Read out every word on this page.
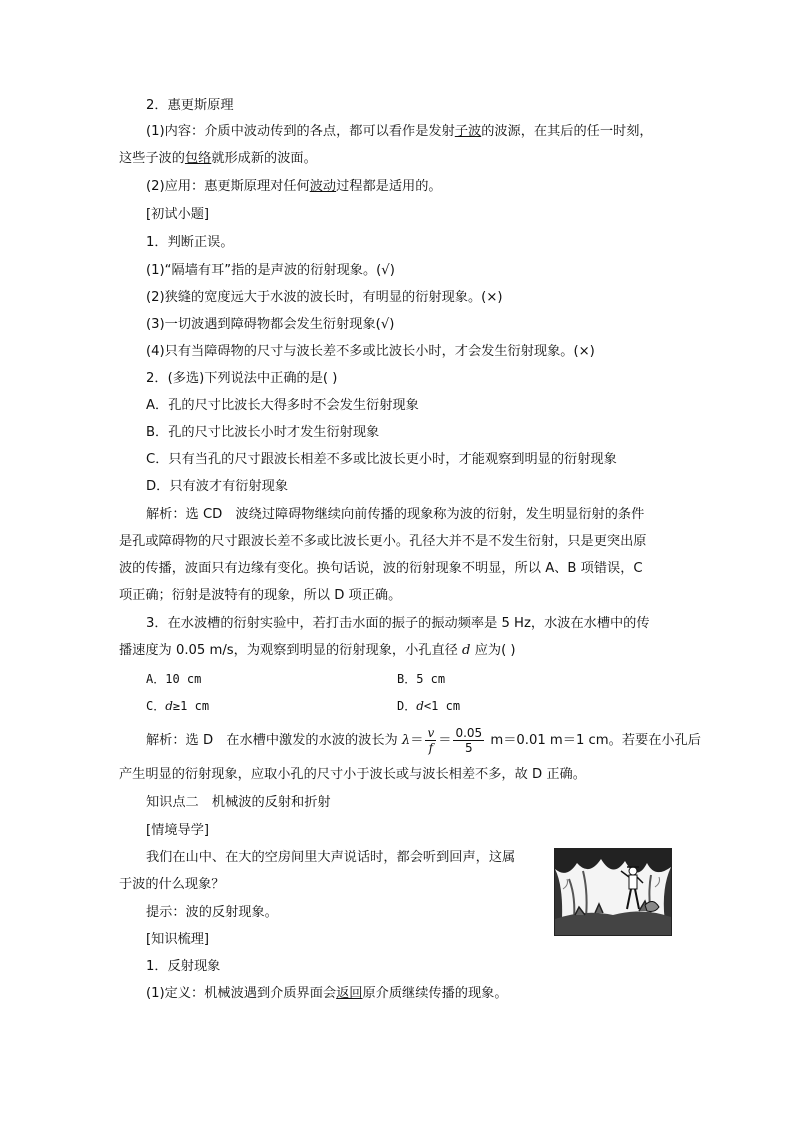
2．惠更斯原理
(1)内容：介质中波动传到的各点，都可以看作是发射子波的波源，在其后的任一时刻，
这些子波的包络就形成新的波面。
(2)应用：惠更斯原理对任何波动过程都是适用的。
[初试小题]
1．判断正误。
(1)“隔墙有耳”指的是声波的衍射现象。(√)
(2)狭缝的宽度远大于水波的波长时，有明显的衍射现象。(×)
(3)一切波遇到障碍物都会发生衍射现象(√)
(4)只有当障碍物的尺寸与波长差不多或比波长小时，才会发生衍射现象。(×)
2．(多选)下列说法中正确的是( )
A．孔的尺寸比波长大得多时不会发生衍射现象
B．孔的尺寸比波长小时才发生衍射现象
C．只有当孔的尺寸跟波长相差不多或比波长更小时，才能观察到明显的衍射现象
D．只有波才有衍射现象
解析：选 CD　波绕过障碍物继续向前传播的现象称为波的衍射，发生明显衍射的条件
是孔或障碍物的尺寸跟波长差不多或比波长更小。孔径大并不是不发生衍射，只是更突出原
波的传播，波面只有边缘有变化。换句话说，波的衍射现象不明显，所以 A、B 项错误，C
项正确；衍射是波特有的现象，所以 D 项正确。
3．在水波槽的衍射实验中，若打击水面的振子的振动频率是 5 Hz，水波在水槽中的传
播速度为 0.05 m/s，为观察到明显的衍射现象，小孔直径 d 应为( )
A．10 cm	B．5 cm
C．d≥1 cm	D．d<1 cm
解析：选 D　在水槽中激发的水波的波长为 $\lambda= \frac{v}{f} = \frac{0.05}{5} m=0.01$ m＝1 cm。若要在小孔后
产生明显的衍射现象，应取小孔的尺寸小于波长或与波长相差不多，故 D 正确。
知识点二　机械波的反射和折射
[情境导学]
我们在山中、在大的空房间里大声说话时，都会听到回声，这属
于波的什么现象？
提示：波的反射现象。
[知识梳理]
1．反射现象
(1)定义：机械波遇到介质界面会返回原介质继续传播的现象。
